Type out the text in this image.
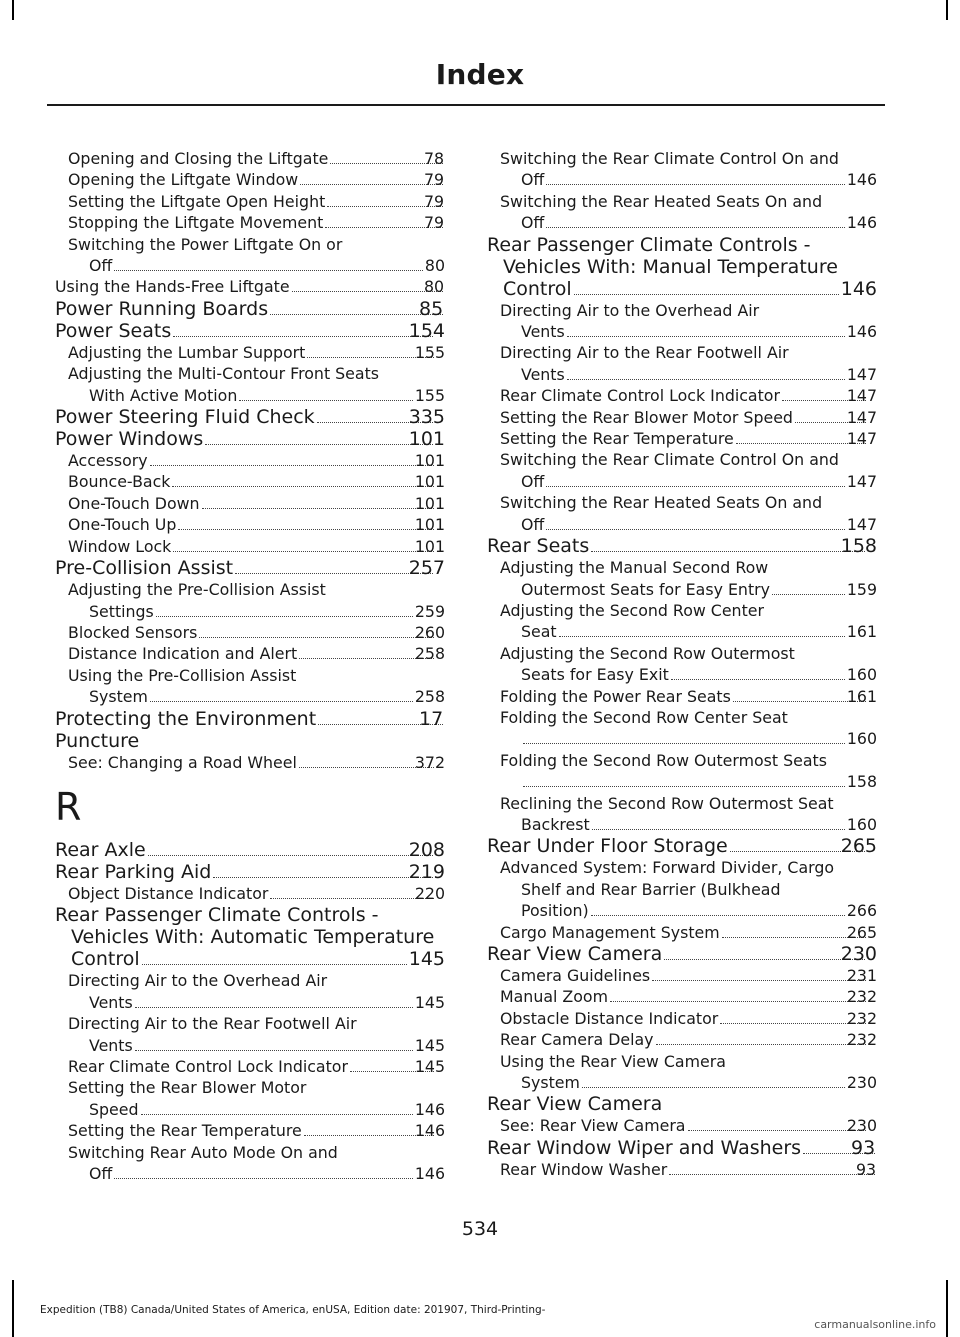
Index
Opening and Closing the Liftgate	78
Opening the Liftgate Window	79
Setting the Liftgate Open Height	79
Stopping the Liftgate Movement	79
Switching the Power Liftgate On or
Off	80
Using the Hands-Free Liftgate	80
Power Running Boards	85
Power Seats	154
Adjusting the Lumbar Support	155
Adjusting the Multi-Contour Front Seats
With Active Motion	155
Power Steering Fluid Check	335
Power Windows	101
Accessory	101
Bounce-Back	101
One-Touch Down	101
One-Touch Up	101
Window Lock	101
Pre-Collision Assist	257
Adjusting the Pre-Collision Assist
Settings	259
Blocked Sensors	260
Distance Indication and Alert	258
Using the Pre-Collision Assist
System	258
Protecting the Environment	17
Puncture
See: Changing a Road Wheel	372
R
Rear Axle	208
Rear Parking Aid	219
Object Distance Indicator	220
Rear Passenger Climate Controls -
Vehicles With: Automatic Temperature
Control	145
Directing Air to the Overhead Air
Vents	145
Directing Air to the Rear Footwell Air
Vents	145
Rear Climate Control Lock Indicator	145
Setting the Rear Blower Motor
Speed	146
Setting the Rear Temperature	146
Switching Rear Auto Mode On and
Off	146
Switching the Rear Climate Control On and
Off	146
Switching the Rear Heated Seats On and
Off	146
Rear Passenger Climate Controls -
Vehicles With: Manual Temperature
Control	146
Directing Air to the Overhead Air
Vents	146
Directing Air to the Rear Footwell Air
Vents	147
Rear Climate Control Lock Indicator	147
Setting the Rear Blower Motor Speed	147
Setting the Rear Temperature	147
Switching the Rear Climate Control On and
Off	147
Switching the Rear Heated Seats On and
Off	147
Rear Seats	158
Adjusting the Manual Second Row
Outermost Seats for Easy Entry	159
Adjusting the Second Row Center
Seat	161
Adjusting the Second Row Outermost
Seats for Easy Exit	160
Folding the Power Rear Seats	161
Folding the Second Row Center Seat
160
Folding the Second Row Outermost Seats
158
Reclining the Second Row Outermost Seat
Backrest	160
Rear Under Floor Storage	265
Advanced System: Forward Divider, Cargo
Shelf and Rear Barrier (Bulkhead
Position)	266
Cargo Management System	265
Rear View Camera	230
Camera Guidelines	231
Manual Zoom	232
Obstacle Distance Indicator	232
Rear Camera Delay	232
Using the Rear View Camera
System	230
Rear View Camera
See: Rear View Camera	230
Rear Window Wiper and Washers	93
Rear Window Washer	93
534
Expedition (TB8) Canada/United States of America, enUSA, Edition date: 201907, Third-Printing-
carmanualsonline.info
